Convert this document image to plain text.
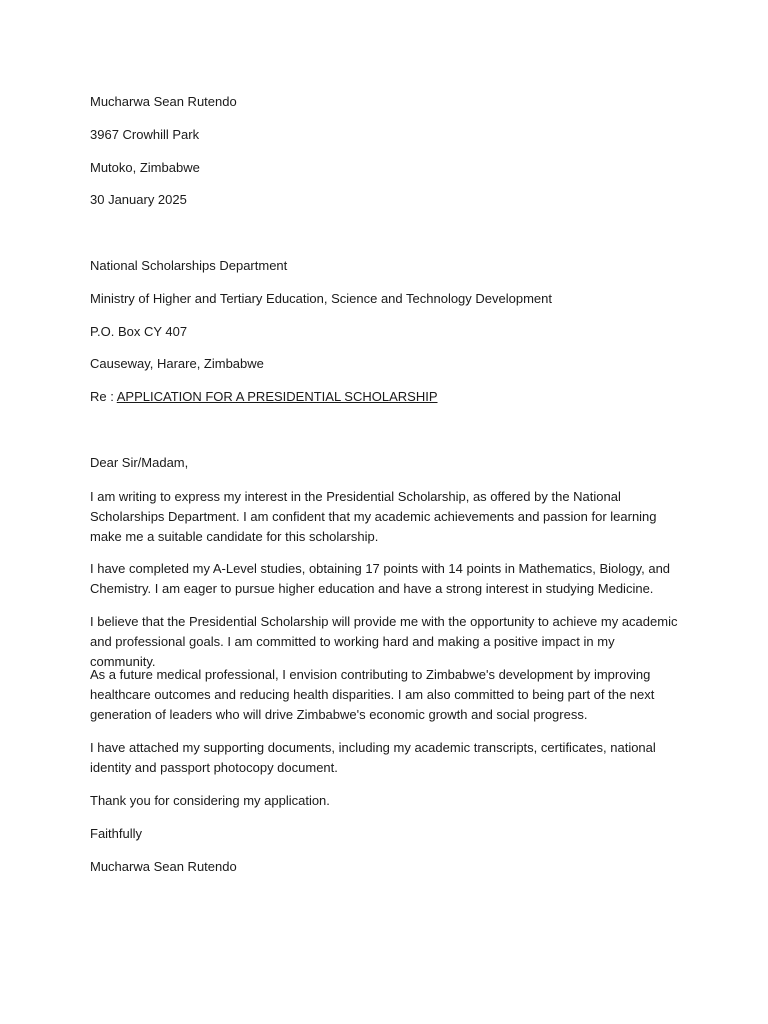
Mucharwa Sean Rutendo

3967 Crowhill Park

Mutoko, Zimbabwe

30 January 2025

National Scholarships Department

Ministry of Higher and Tertiary Education, Science and Technology Development

P.O. Box CY 407

Causeway, Harare, Zimbabwe

Re : APPLICATION FOR A PRESIDENTIAL SCHOLARSHIP

Dear Sir/Madam,

I am writing to express my interest in the Presidential Scholarship, as offered by the National Scholarships Department. I am confident that my academic achievements and passion for learning make me a suitable candidate for this scholarship.

I have completed my A-Level studies, obtaining 17 points with 14 points in Mathematics, Biology, and Chemistry. I am eager to pursue higher education and have a strong interest in studying Medicine.

I believe that the Presidential Scholarship will provide me with the opportunity to achieve my academic and professional goals. I am committed to working hard and making a positive impact in my community.

As a future medical professional, I envision contributing to Zimbabwe's development by improving healthcare outcomes and reducing health disparities. I am also committed to being part of the next generation of leaders who will drive Zimbabwe's economic growth and social progress.

I have attached my supporting documents, including my academic transcripts, certificates, national identity and passport photocopy document.

Thank you for considering my application.

Faithfully

Mucharwa Sean Rutendo
